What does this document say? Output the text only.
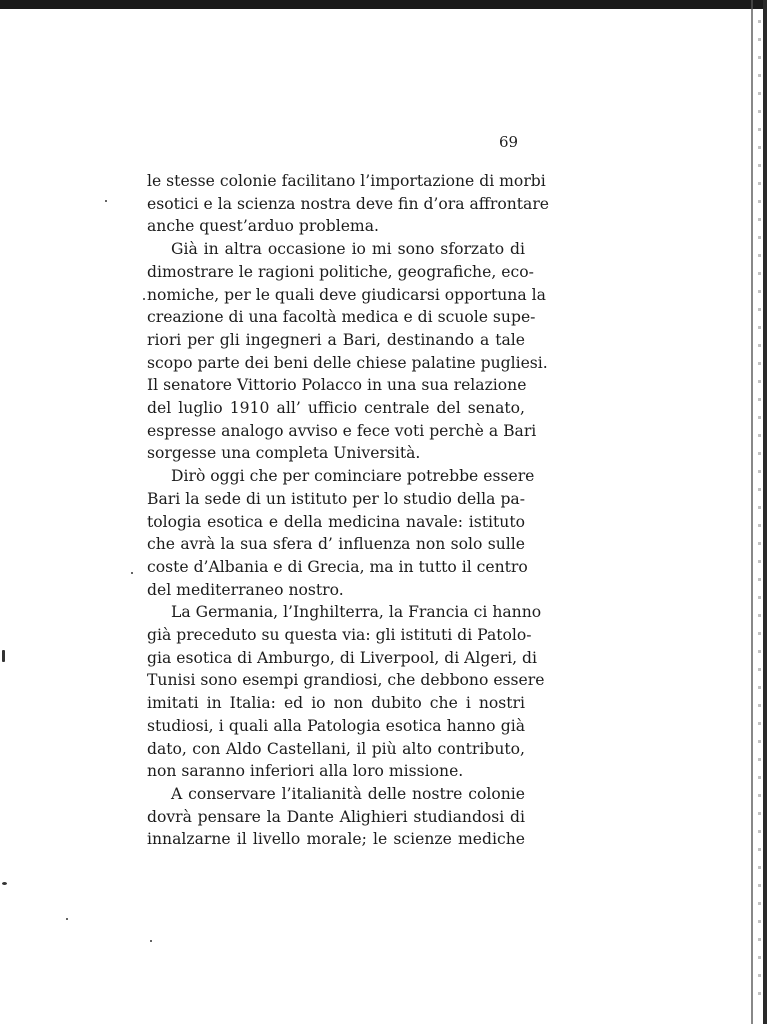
69
le stesse colonie facilitano l’importazione di morbi
esotici e la scienza nostra deve fin d’ora affrontare
anche quest’arduo problema.
Già in altra occasione io mi sono sforzato di
dimostrare le ragioni politiche, geografiche, eco-
nomiche, per le quali deve giudicarsi opportuna la
creazione di una facoltà medica e di scuole supe-
riori per gli ingegneri a Bari, destinando a tale
scopo parte dei beni delle chiese palatine pugliesi.
Il senatore Vittorio Polacco in una sua relazione
del luglio 1910 all’ ufficio centrale del senato,
espresse analogo avviso e fece voti perchè a Bari
sorgesse una completa Università.
Dirò oggi che per cominciare potrebbe essere
Bari la sede di un istituto per lo studio della pa-
tologia esotica e della medicina navale: istituto
che avrà la sua sfera d’ influenza non solo sulle
coste d’Albania e di Grecia, ma in tutto il centro
del mediterraneo nostro.
La Germania, l’Inghilterra, la Francia ci hanno
già preceduto su questa via: gli istituti di Patolo-
gia esotica di Amburgo, di Liverpool, di Algeri, di
Tunisi sono esempi grandiosi, che debbono essere
imitati in Italia: ed io non dubito che i nostri
studiosi, i quali alla Patologia esotica hanno già
dato, con Aldo Castellani, il più alto contributo,
non saranno inferiori alla loro missione.
A conservare l’italianità delle nostre colonie
dovrà pensare la Dante Alighieri studiandosi di
innalzarne il livello morale; le scienze mediche
